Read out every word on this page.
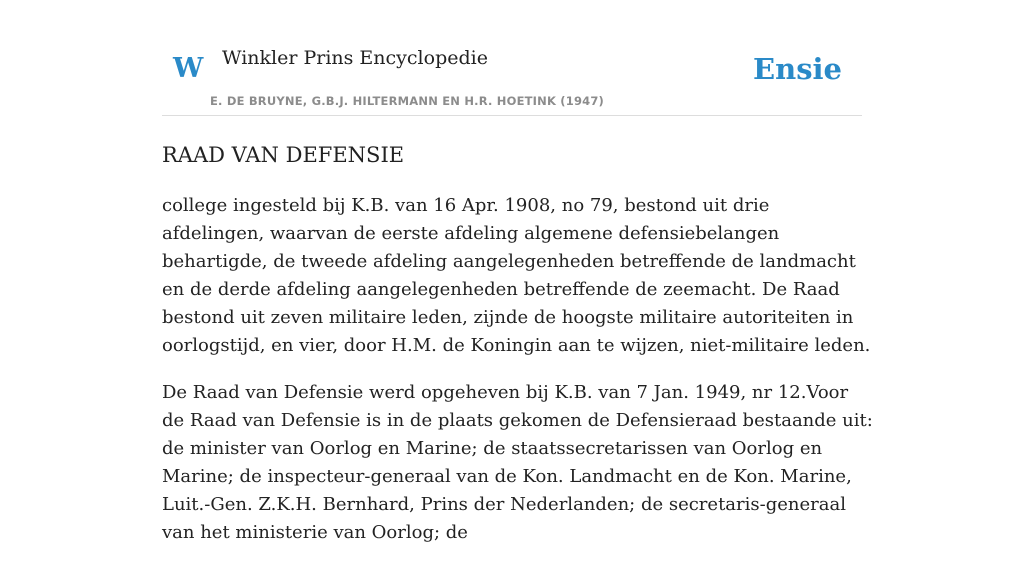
W Winkler Prins Encyclopedie
E. DE BRUYNE, G.B.J. HILTERMANN EN H.R. HOETINK (1947)
Ensie
RAAD VAN DEFENSIE

college ingesteld bij K.B. van 16 Apr. 1908, no 79, bestond uit drie afdelingen, waarvan de eerste afdeling algemene defensiebelangen behartigde, de tweede afdeling aangelegenheden betreffende de landmacht en de derde afdeling aangelegenheden betreffende de zeemacht. De Raad bestond uit zeven militaire leden, zijnde de hoogste militaire autoriteiten in oorlogstijd, en vier, door H.M. de Koningin aan te wijzen, niet-militaire leden.

De Raad van Defensie werd opgeheven bij K.B. van 7 Jan. 1949, nr 12.Voor de Raad van Defensie is in de plaats gekomen de Defensieraad bestaande uit: de minister van Oorlog en Marine; de staatssecretarissen van Oorlog en Marine; de inspecteur-generaal van de Kon. Landmacht en de Kon. Marine, Luit.-Gen. Z.K.H. Bernhard, Prins der Nederlanden; de secretaris-generaal van het ministerie van Oorlog; de
